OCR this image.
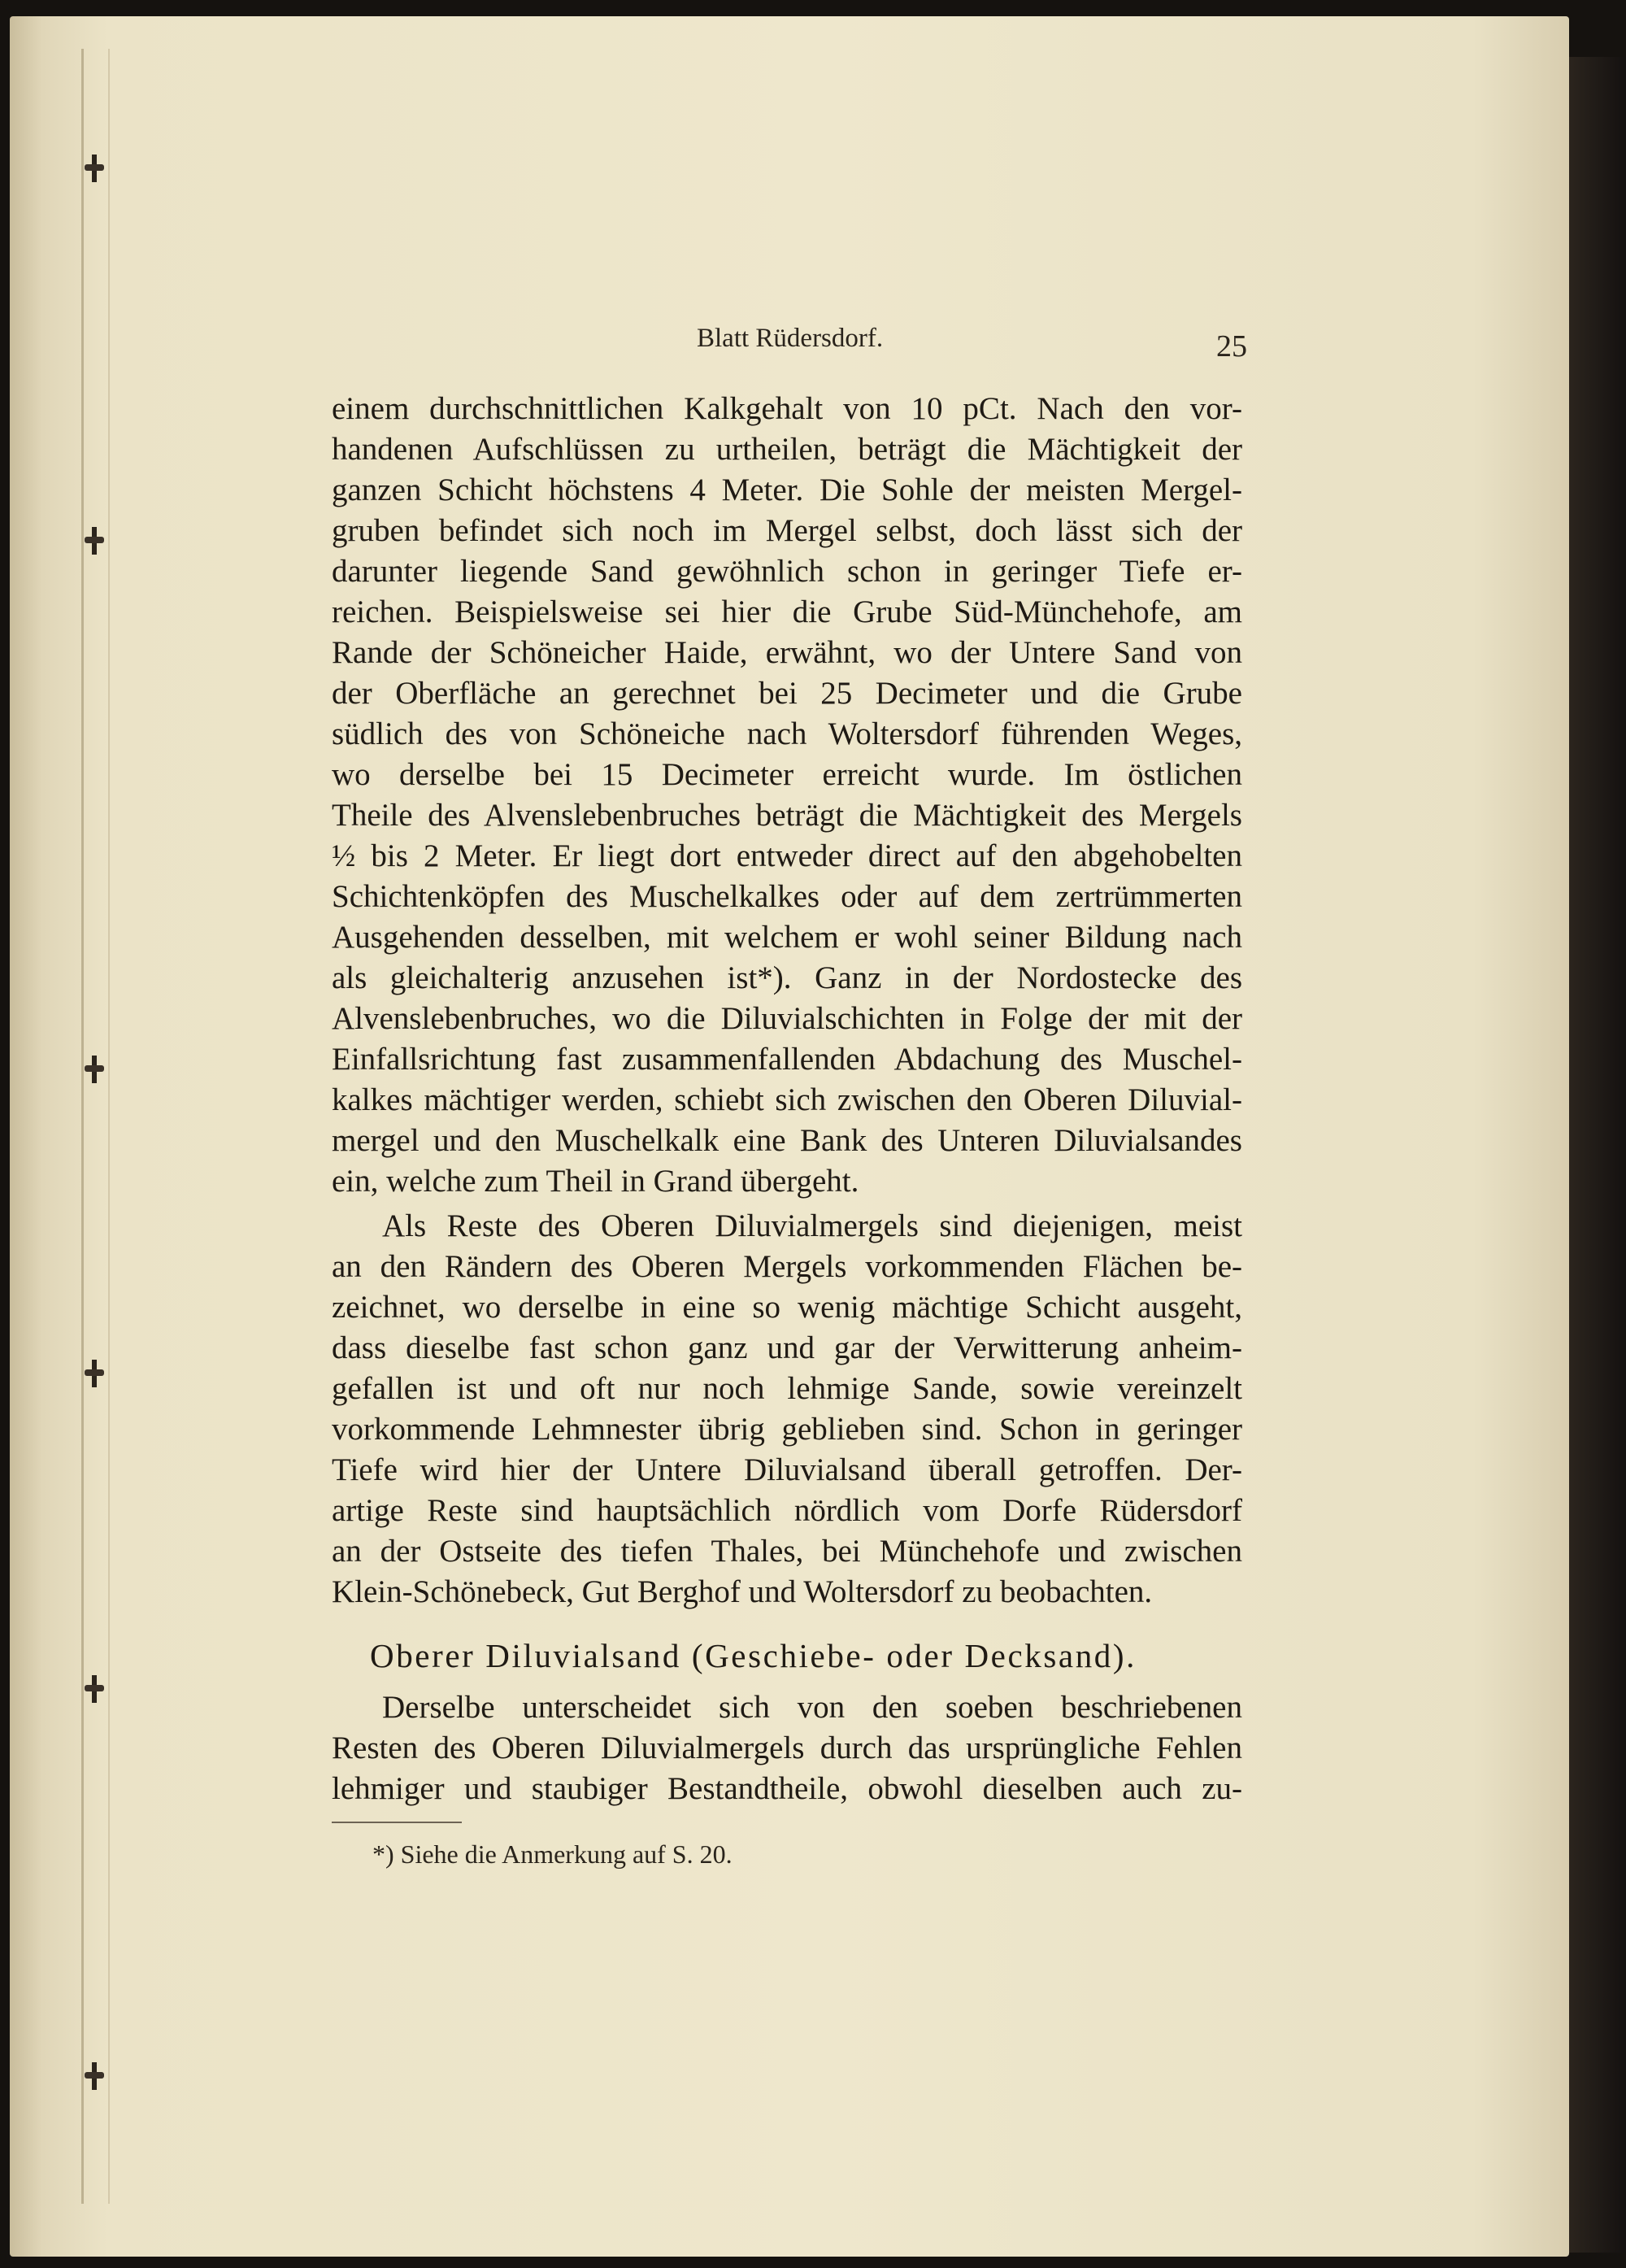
Blatt Rüdersdorf.	25
einem durchschnittlichen Kalkgehalt von 10 pCt. Nach den vor-
handenen Aufschlüssen zu urtheilen, beträgt die Mächtigkeit der
ganzen Schicht höchstens 4 Meter. Die Sohle der meisten Mergel-
gruben befindet sich noch im Mergel selbst, doch lässt sich der
darunter liegende Sand gewöhnlich schon in geringer Tiefe er-
reichen. Beispielsweise sei hier die Grube Süd-Münchehofe, am
Rande der Schöneicher Haide, erwähnt, wo der Untere Sand von
der Oberfläche an gerechnet bei 25 Decimeter und die Grube
südlich des von Schöneiche nach Woltersdorf führenden Weges,
wo derselbe bei 15 Decimeter erreicht wurde. Im östlichen
Theile des Alvenslebenbruches beträgt die Mächtigkeit des Mergels
½ bis 2 Meter. Er liegt dort entweder direct auf den abgehobelten
Schichtenköpfen des Muschelkalkes oder auf dem zertrümmerten
Ausgehenden desselben, mit welchem er wohl seiner Bildung nach
als gleichalterig anzusehen ist*). Ganz in der Nordostecke des
Alvenslebenbruches, wo die Diluvialschichten in Folge der mit der
Einfallsrichtung fast zusammenfallenden Abdachung des Muschel-
kalkes mächtiger werden, schiebt sich zwischen den Oberen Diluvial-
mergel und den Muschelkalk eine Bank des Unteren Diluvialsandes
ein, welche zum Theil in Grand übergeht.
Als Reste des Oberen Diluvialmergels sind diejenigen, meist
an den Rändern des Oberen Mergels vorkommenden Flächen be-
zeichnet, wo derselbe in eine so wenig mächtige Schicht ausgeht,
dass dieselbe fast schon ganz und gar der Verwitterung anheim-
gefallen ist und oft nur noch lehmige Sande, sowie vereinzelt
vorkommende Lehmnester übrig geblieben sind. Schon in geringer
Tiefe wird hier der Untere Diluvialsand überall getroffen. Der-
artige Reste sind hauptsächlich nördlich vom Dorfe Rüdersdorf
an der Ostseite des tiefen Thales, bei Münchehofe und zwischen
Klein-Schönebeck, Gut Berghof und Woltersdorf zu beobachten.
Oberer Diluvialsand (Geschiebe- oder Decksand).
Derselbe unterscheidet sich von den soeben beschriebenen
Resten des Oberen Diluvialmergels durch das ursprüngliche Fehlen
lehmiger und staubiger Bestandtheile, obwohl dieselben auch zu-
*) Siehe die Anmerkung auf S. 20.
